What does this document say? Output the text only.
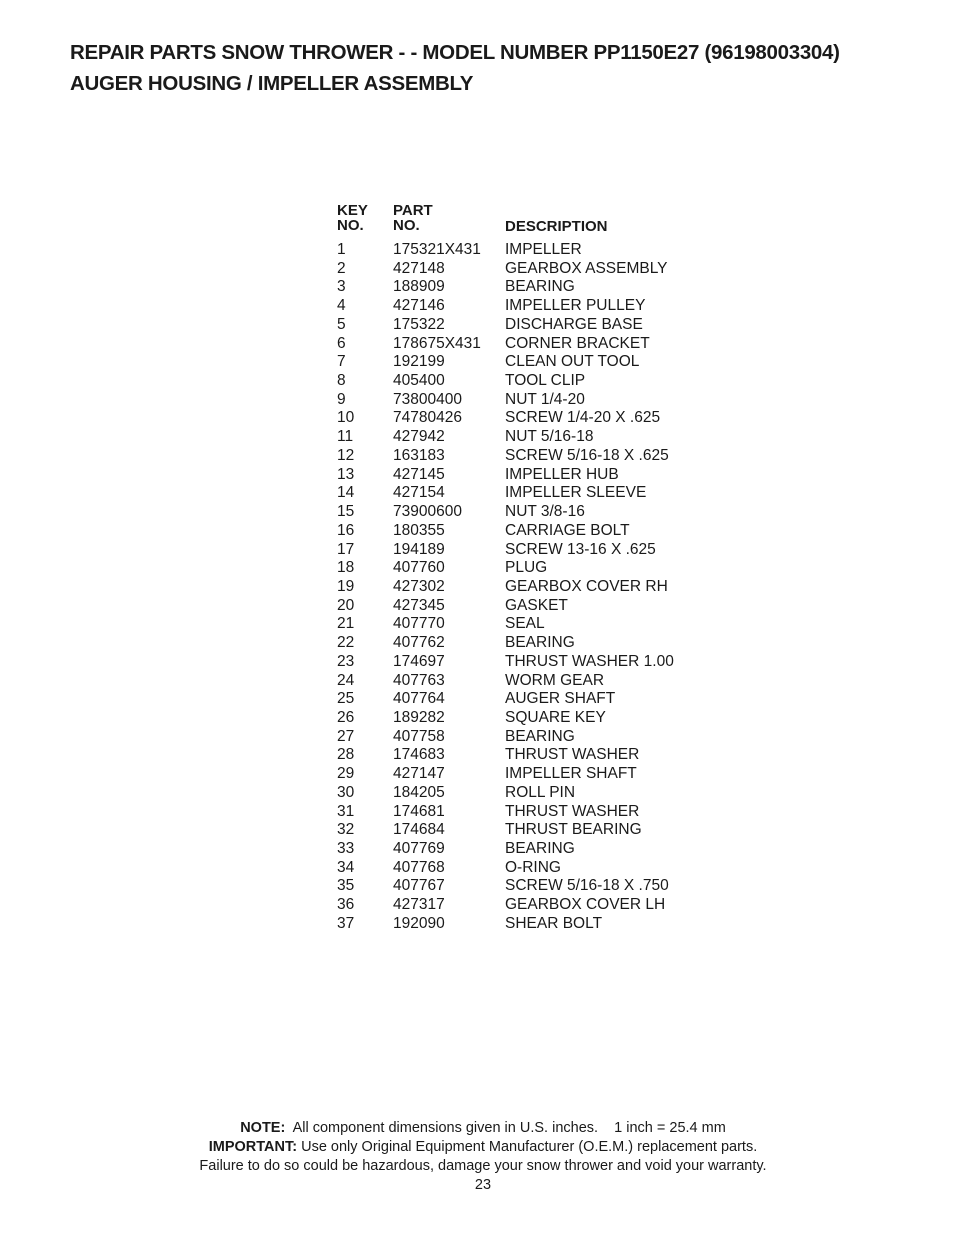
REPAIR PARTS SNOW THROWER - - MODEL NUMBER PP1150E27 (96198003304)
AUGER HOUSING / IMPELLER ASSEMBLY
KEY
NO.
PART
NO.	DESCRIPTION
1	175321X431 IMPELLER
2	427148	GEARBOX ASSEMBLY
3	188909	BEARING
4	427146	IMPELLER PULLEY
5	175322	DISCHARGE BASE
6	178675X431 CORNER BRACKET
7	192199	CLEAN OUT TOOL
8	405400	TOOL CLIP
9	73800400	NUT 1/4-20
10	74780426	SCREW 1/4-20 X .625
11	427942	NUT 5/16-18
12	163183	SCREW 5/16-18 X .625
13	427145	IMPELLER HUB
14	427154	IMPELLER SLEEVE
15	73900600	NUT 3/8-16
16	180355	CARRIAGE BOLT
17	194189	SCREW 13-16 X .625
18	407760	PLUG
19	427302	GEARBOX COVER RH
20	427345	GASKET
21	407770	SEAL
22	407762	BEARING
23	174697	THRUST WASHER 1.00
24	407763	WORM GEAR
25	407764	AUGER SHAFT
26	189282	SQUARE KEY
27	407758	BEARING
28	174683	THRUST WASHER
29	427147	IMPELLER SHAFT
30	184205	ROLL PIN
31	174681	THRUST WASHER
32	174684	THRUST BEARING
33	407769	BEARING
34	407768	O-RING
35	407767	SCREW 5/16-18 X .750
36	427317	GEARBOX COVER LH
37	192090	SHEAR BOLT
NOTE: All component dimensions given in U.S. inches. 1 inch = 25.4 mm
IMPORTANT: Use only Original Equipment Manufacturer (O.E.M.) replacement parts.
Failure to do so could be hazardous, damage your snow thrower and void your warranty.
23
